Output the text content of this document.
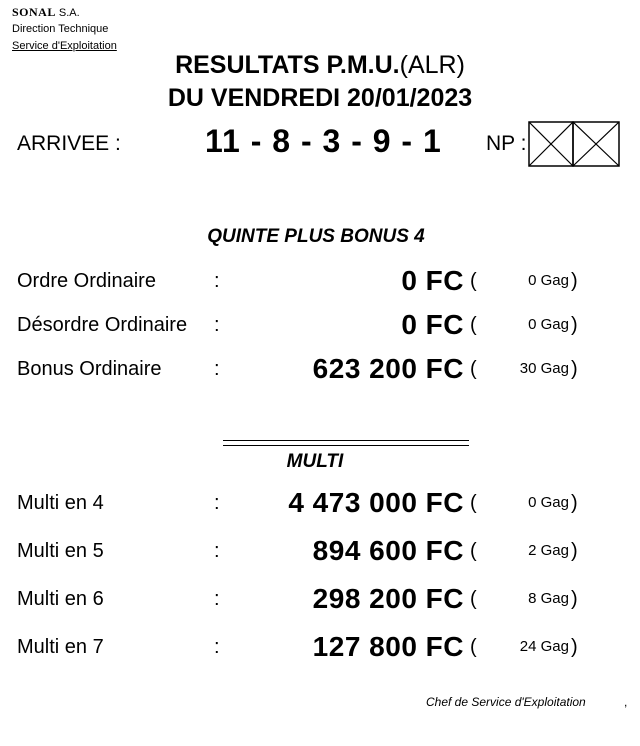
SONAL S.A.
Direction Technique
Service d'Exploitation
RESULTATS P.M.U.(ALR)
DU VENDREDI 20/01/2023
ARRIVEE :	11 - 8 - 3 - 9 - 1 NP :
QUINTE PLUS BONUS 4
Ordre Ordinaire	:	0 FC (	0 Gag )
Désordre Ordinaire :	0 FC (	0 Gag )
Bonus Ordinaire	:	623 200 FC (	30 Gag )
MULTI
Multi en 4	: 4 473 000 FC (	0 Gag )
Multi en 5	:	894 600 FC (	2 Gag )
Multi en 6	:	298 200 FC (	8 Gag )
Multi en 7	:	127 800 FC (	24 Gag )
Chef de Service d'Exploitation	,
